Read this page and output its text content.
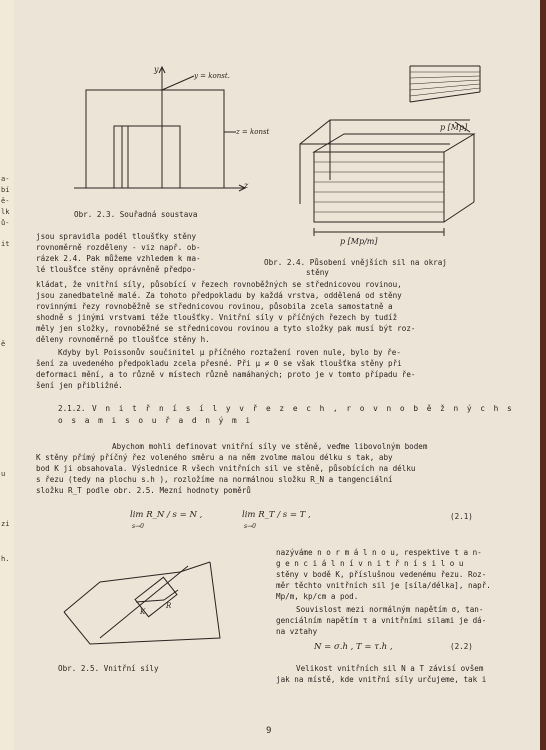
a-
bí
ě-
lk
ů-
it
ě
u
zi
h.
y
z
y = konst.
z = konst
Obr. 2.3. Souřadná soustava
p [Mp]
p [Mp/m]
Obr. 2.4. Působení vnějších sil na okraj
stěny
jsou spravidla podél tloušťky stěny
rovnoměrně rozděleny - viz např. ob-
rázek 2.4. Pak můžeme vzhledem k ma-
lé tloušťce stěny oprávněně předpo-
kládat, že vnitřní síly, působící v řezech rovnoběžných se střednicovou rovinou,
jsou zanedbatelně malé. Za tohoto předpokladu by každá vrstva, oddělená od stěny
rovinnými řezy rovnoběžně se střednicovou rovinou, působila zcela samostatně a
shodně s jinými vrstvami téže tloušťky. Vnitřní síly v příčných řezech by tudíž
měly jen složky, rovnoběžné se střednicovou rovinou a tyto složky pak musí být roz-
děleny rovnoměrně po tloušťce stěny h.
Kdyby byl Poissonův součinitel μ příčného roztažení roven nule, bylo by ře-
šení za uvedeného předpokladu zcela přesné. Při μ ≠ 0 se však tloušťka stěny při
deformaci mění, a to různě v místech různě namáhaných; proto je v tomto případu ře-
šení jen přibližné.
2.1.2. V n i t ř n í s í l y v ř e z e c h , r o v n o b ě ž n ý c h s
o s a m i s o u ř a d n ý m i
Abychom mohli definovat vnitřní síly ve stěně, veďme libovolným bodem
K stěny přímý příčný řez voleného směru a na něm zvolme malou délku s tak, aby
bod K ji obsahovala. Výslednice R všech vnitřních sil ve stěně, působících na délku
s řezu (tedy na plochu s.h ), rozložíme na normálnou složku R_N a tangenciální
složku R_T podle obr. 2.5. Mezní hodnoty poměrů
lim R_N / s = N ,
s→0
lim R_T / s = T ,
s→0
(2.1)
K
R
Obr. 2.5. Vnitřní síly
nazýváme n o r m á l n o u, respektive t a n-
g e n c i á l n í v n i t ř n í s i l o u
stěny v bodě K, příslušnou vedenému řezu. Roz-
měr těchto vnitřních sil je [síla/délka], např.
Mp/m, kp/cm a pod.
Souvislost mezi normálným napětím σ, tan-
genciálním napětím τ a vnitřními silami je dá-
na vztahy
N = σ.h , T = τ.h ,	(2.2)
Velikost vnitřních sil N a T závisí ovšem
jak na místě, kde vnitřní síly určujeme, tak i
9
